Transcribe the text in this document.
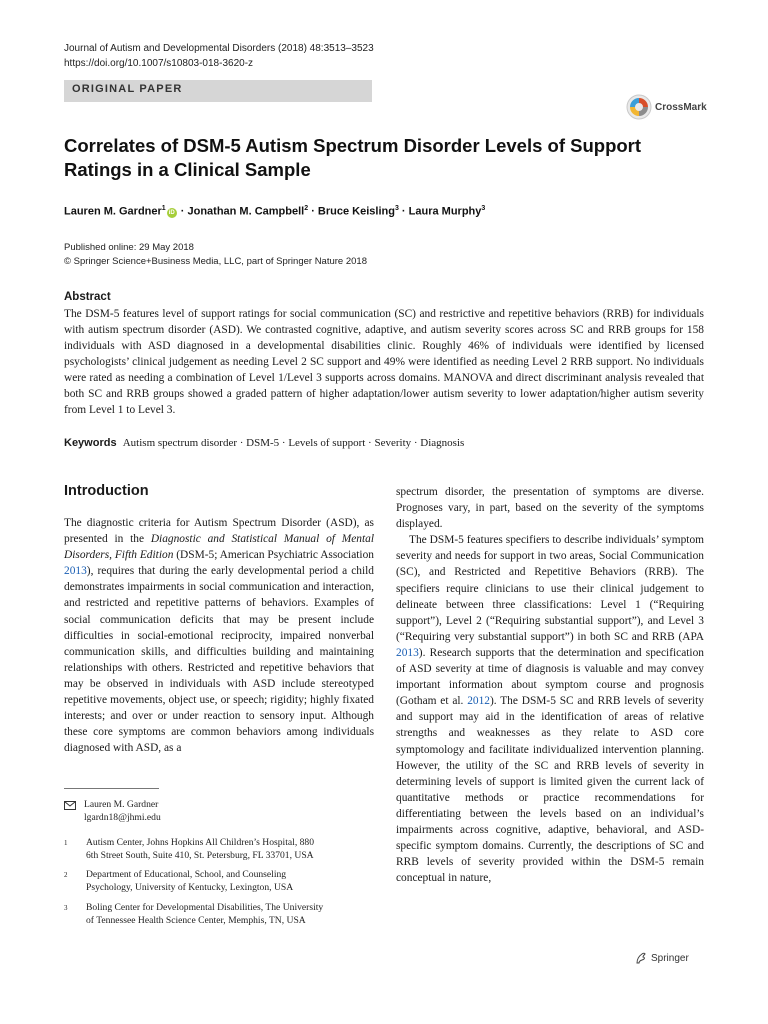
Journal of Autism and Developmental Disorders (2018) 48:3513–3523
https://doi.org/10.1007/s10803-018-3620-z
ORIGINAL PAPER
CrossMark
Correlates of DSM-5 Autism Spectrum Disorder Levels of Support
Ratings in a Clinical Sample
Lauren M. Gardner$^1$iD · Jonathan M. Campbell$^2$ · Bruce Keisling$^3$ · Laura Murphy$^3$
Published online: 29 May 2018
© Springer Science+Business Media, LLC, part of Springer Nature 2018
Abstract
The DSM-5 features level of support ratings for social communication (SC) and restrictive and repetitive behaviors (RRB) for individuals with autism spectrum disorder (ASD). We contrasted cognitive, adaptive, and autism severity scores across SC and RRB groups for 158 individuals with ASD diagnosed in a developmental disabilities clinic. Roughly 46% of individuals were identified by licensed psychologists’ clinical judgement as needing Level 2 SC support and 49% were identified as needing Level 2 RRB support. No individuals were rated as needing a combination of Level 1/Level 3 supports across domains. MANOVA and direct discriminant analysis revealed that both SC and RRB groups showed a graded pattern of higher adaptation/lower autism severity to lower adaptation/higher autism severity from Level 1 to Level 3.
Keywords Autism spectrum disorder · DSM-5 · Levels of support · Severity · Diagnosis
Introduction

The diagnostic criteria for Autism Spectrum Disorder (ASD), as presented in the Diagnostic and Statistical Manual of Mental Disorders, Fifth Edition (DSM-5; American Psychiatric Association 2013), requires that during the early developmental period a child demonstrates impairments in social communication and interaction, and restricted and repetitive patterns of behaviors. Examples of social communication deficits that may be present include difficulties in social-emotional reciprocity, impaired nonverbal communication skills, and difficulties building and maintaining relationships with others. Restricted and repetitive behaviors that may be observed in individuals with ASD include stereotyped repetitive movements, object use, or speech; rigidity; highly fixated interests; and over or under reaction to sensory input. Although these core symptoms are common behaviors among individuals diagnosed with ASD, as a

spectrum disorder, the presentation of symptoms are diverse. Prognoses vary, in part, based on the severity of the symptoms displayed.

The DSM-5 features specifiers to describe individuals’ symptom severity and needs for support in two areas, Social Communication (SC), and Restricted and Repetitive Behaviors (RRB). The specifiers require clinicians to use their clinical judgement to delineate between three classifications: Level 1 (“Requiring support”), Level 2 (“Requiring substantial support”), and Level 3 (“Requiring very substantial support”) in both SC and RRB (APA 2013). Research supports that the determination and specification of ASD severity at time of diagnosis is valuable and may convey important information about symptom course and prognosis (Gotham et al. 2012). The DSM-5 SC and RRB levels of severity and support may aid in the identification of areas of relative strengths and weaknesses as they relate to ASD core symptomology and facilitate individualized intervention planning. However, the utility of the SC and RRB levels of severity in determining levels of support is limited given the current lack of quantitative methods or practice recommendations for differentiating between the levels based on an individual’s impairments across cognitive, adaptive, behavioral, and ASD-specific symptom domains. Currently, the descriptions of SC and RRB levels of severity provided within the DSM-5 remain conceptual in nature,

Lauren M. Gardner
lgardn18@jhmi.edu
1	Autism Center, Johns Hopkins All Children’s Hospital, 880
6th Street South, Suite 410, St. Petersburg, FL 33701, USA
2	Department of Educational, School, and Counseling
Psychology, University of Kentucky, Lexington, USA
3	Boling Center for Developmental Disabilities, The University
of Tennessee Health Science Center, Memphis, TN, USA
Springer
